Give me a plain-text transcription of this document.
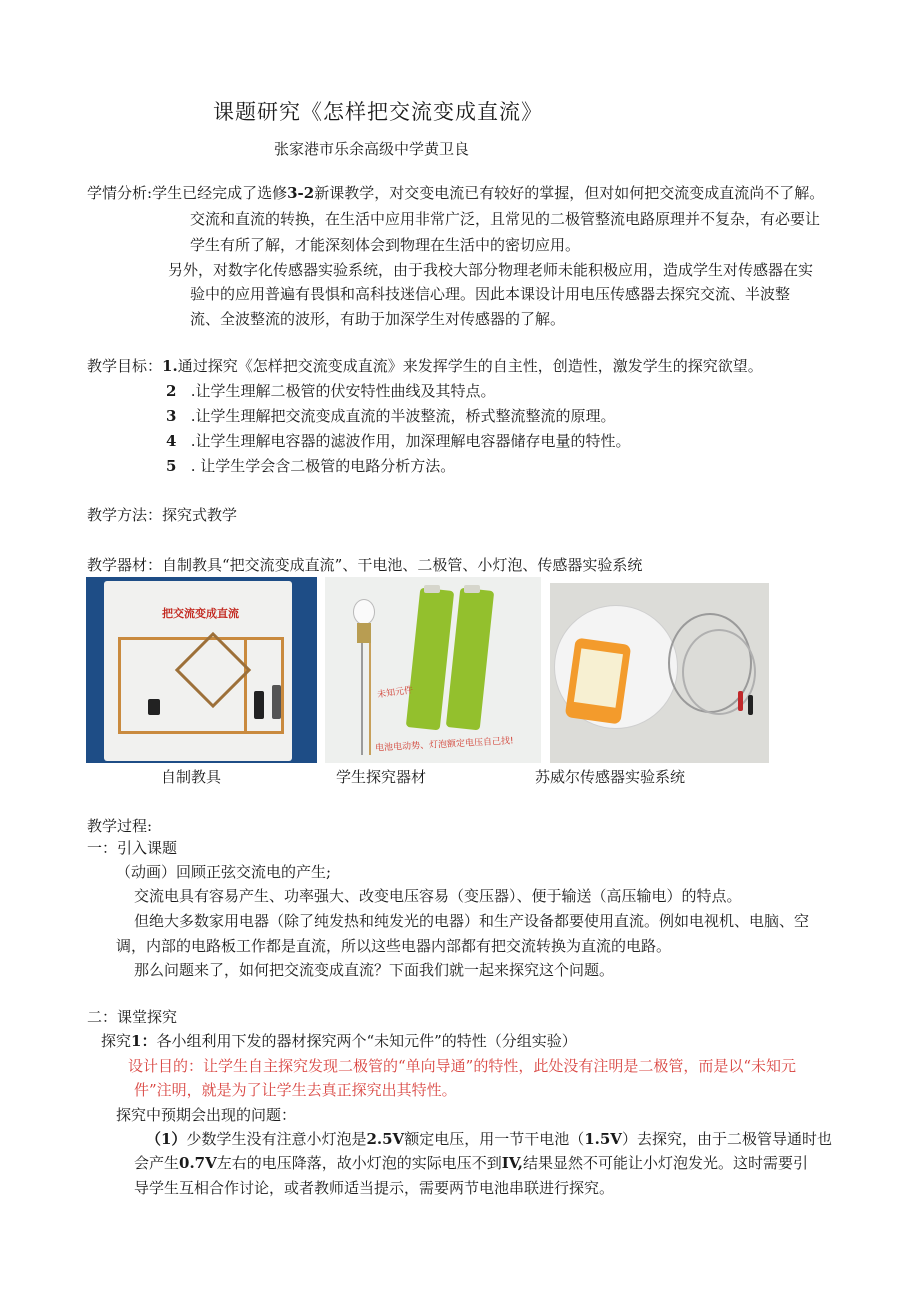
课题研究《怎样把交流变成直流》
张家港市乐余高级中学黄卫良
学情分析:学生已经完成了选修3-2新课教学，对交变电流已有较好的掌握，但对如何把交流变成直流尚不了解。
交流和直流的转换，在生活中应用非常广泛，且常见的二极管整流电路原理并不复杂，有必要让
学生有所了解，才能深刻体会到物理在生活中的密切应用。
另外，对数字化传感器实验系统，由于我校大部分物理老师未能积极应用，造成学生对传感器在实
验中的应用普遍有畏惧和高科技迷信心理。因此本课设计用电压传感器去探究交流、半波整
流、全波整流的波形，有助于加深学生对传感器的了解。
教学目标：1.通过探究《怎样把交流变成直流》来发挥学生的自主性，创造性，激发学生的探究欲望。
2 .让学生理解二极管的伏安特性曲线及其特点。
3 .让学生理解把交流变成直流的半波整流，桥式整流整流的原理。
4 .让学生理解电容器的滤波作用，加深理解电容器储存电量的特性。
5 . 让学生学会含二极管的电路分析方法。
教学方法：探究式教学
教学器材：自制教具“把交流变成直流”、干电池、二极管、小灯泡、传感器实验系统
把交流变成直流
未知元件
电池电动势、灯泡额定电压自己找!
自制教具	学生探究器材	苏威尔传感器实验系统
教学过程:
一：引入课题
（动画）回顾正弦交流电的产生;
交流电具有容易产生、功率强大、改变电压容易（变压器）、便于输送（高压输电）的特点。
但绝大多数家用电器（除了纯发热和纯发光的电器）和生产设备都要使用直流。例如电视机、电脑、空
调，内部的电路板工作都是直流，所以这些电器内部都有把交流转换为直流的电路。
那么问题来了，如何把交流变成直流？下面我们就一起来探究这个问题。
二：课堂探究
探究1：各小组利用下发的器材探究两个“未知元件”的特性（分组实验）
设计目的：让学生自主探究发现二极管的“单向导通”的特性，此处没有注明是二极管，而是以“未知元
件”注明，就是为了让学生去真正探究出其特性。
探究中预期会出现的问题：
（1）少数学生没有注意小灯泡是2.5V额定电压，用一节干电池（1.5V）去探究，由于二极管导通时也
会产生0.7V左右的电压降落，故小灯泡的实际电压不到IV,结果显然不可能让小灯泡发光。这时需要引
导学生互相合作讨论，或者教师适当提示，需要两节电池串联进行探究。
